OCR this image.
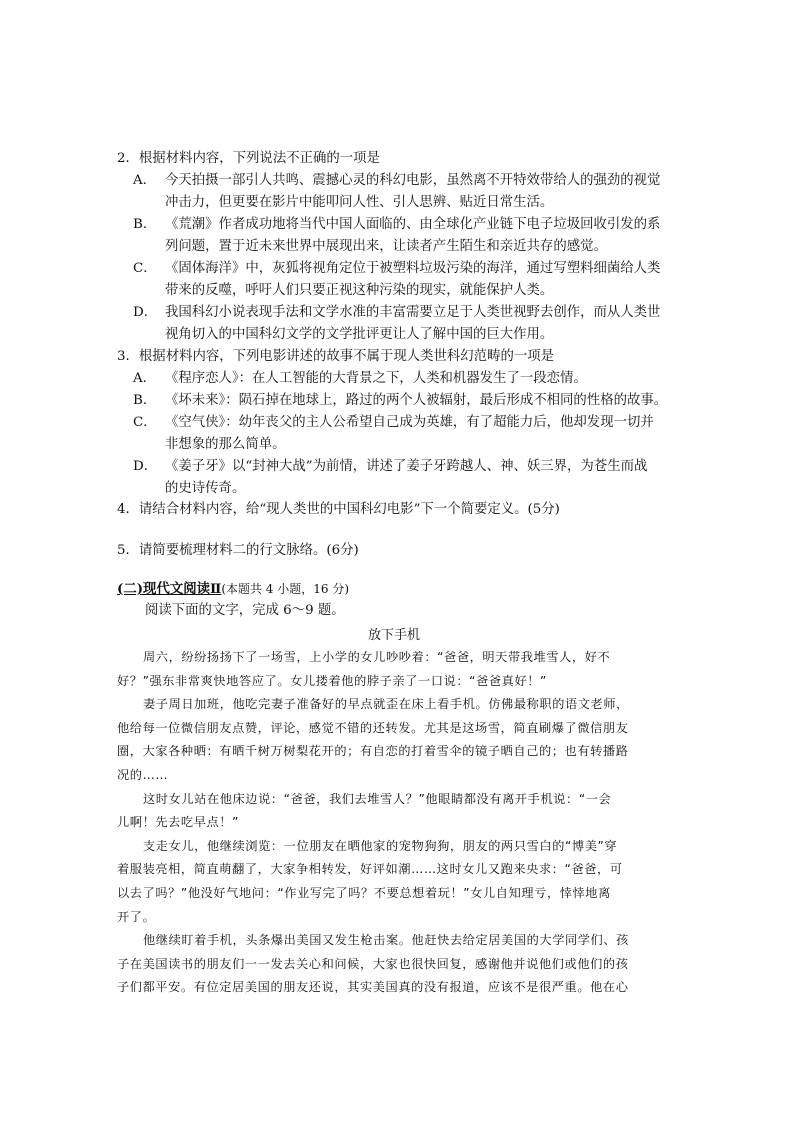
2．根据材料内容，下列说法不正确的一项是
A． 今天拍摄一部引人共鸣、震撼心灵的科幻电影，虽然离不开特效带给人的强劲的视觉
冲击力，但更要在影片中能叩问人性、引人思辨、贴近日常生活。
B． 《荒潮》作者成功地将当代中国人面临的、由全球化产业链下电子垃圾回收引发的系
列问题，置于近未来世界中展现出来，让读者产生陌生和亲近共存的感觉。
C． 《固体海洋》中，灰狐将视角定位于被塑料垃圾污染的海洋，通过写塑料细菌给人类
带来的反噬，呼吁人们只要正视这种污染的现实，就能保护人类。
D． 我国科幻小说表现手法和文学水准的丰富需要立足于人类世视野去创作，而从人类世
视角切入的中国科幻文学的文学批评更让人了解中国的巨大作用。
3．根据材料内容，下列电影讲述的故事不属于现人类世科幻范畴的一项是
A． 《程序恋人》：在人工智能的大背景之下，人类和机器发生了一段恋情。
B． 《坏未来》：陨石掉在地球上，路过的两个人被辐射，最后形成不相同的性格的故事。
C． 《空气侠》：幼年丧父的主人公希望自己成为英雄，有了超能力后，他却发现一切并
非想象的那么简单。
D． 《姜子牙》以“封神大战”为前情，讲述了姜子牙跨越人、神、妖三界，为苍生而战
的史诗传奇。
4．请结合材料内容，给“现人类世的中国科幻电影”下一个简要定义。(5分)
5．请简要梳理材料二的行文脉络。(6分)
(二)现代文阅读Ⅱ(本题共 4 小题，16 分)
阅读下面的文字，完成 6～9 题。
放下手机
周六，纷纷扬扬下了一场雪，上小学的女儿吵吵着：“爸爸，明天带我堆雪人，好不
好？”强东非常爽快地答应了。女儿搂着他的脖子亲了一口说：“爸爸真好！”
妻子周日加班，他吃完妻子准备好的早点就歪在床上看手机。仿佛最称职的语文老师，
他给每一位微信朋友点赞，评论，感觉不错的还转发。尤其是这场雪，简直刷爆了微信朋友
圈，大家各种晒：有晒千树万树梨花开的；有自恋的打着雪伞的镜子晒自己的；也有转播路
况的……
这时女儿站在他床边说：“爸爸，我们去堆雪人？”他眼睛都没有离开手机说：“一会
儿啊！先去吃早点！”
支走女儿，他继续浏览：一位朋友在晒他家的宠物狗狗，朋友的两只雪白的“博美”穿
着服装亮相，简直萌翻了，大家争相转发，好评如潮……这时女儿又跑来央求：“爸爸，可
以去了吗？”他没好气地问：“作业写完了吗？不要总想着玩！”女儿自知理亏，悻悻地离
开了。
他继续盯着手机，头条爆出美国又发生枪击案。他赶快去给定居美国的大学同学们、孩
子在美国读书的朋友们一一发去关心和问候，大家也很快回复，感谢他并说他们或他们的孩
子们都平安。有位定居美国的朋友还说，其实美国真的没有报道，应该不是很严重。他在心
